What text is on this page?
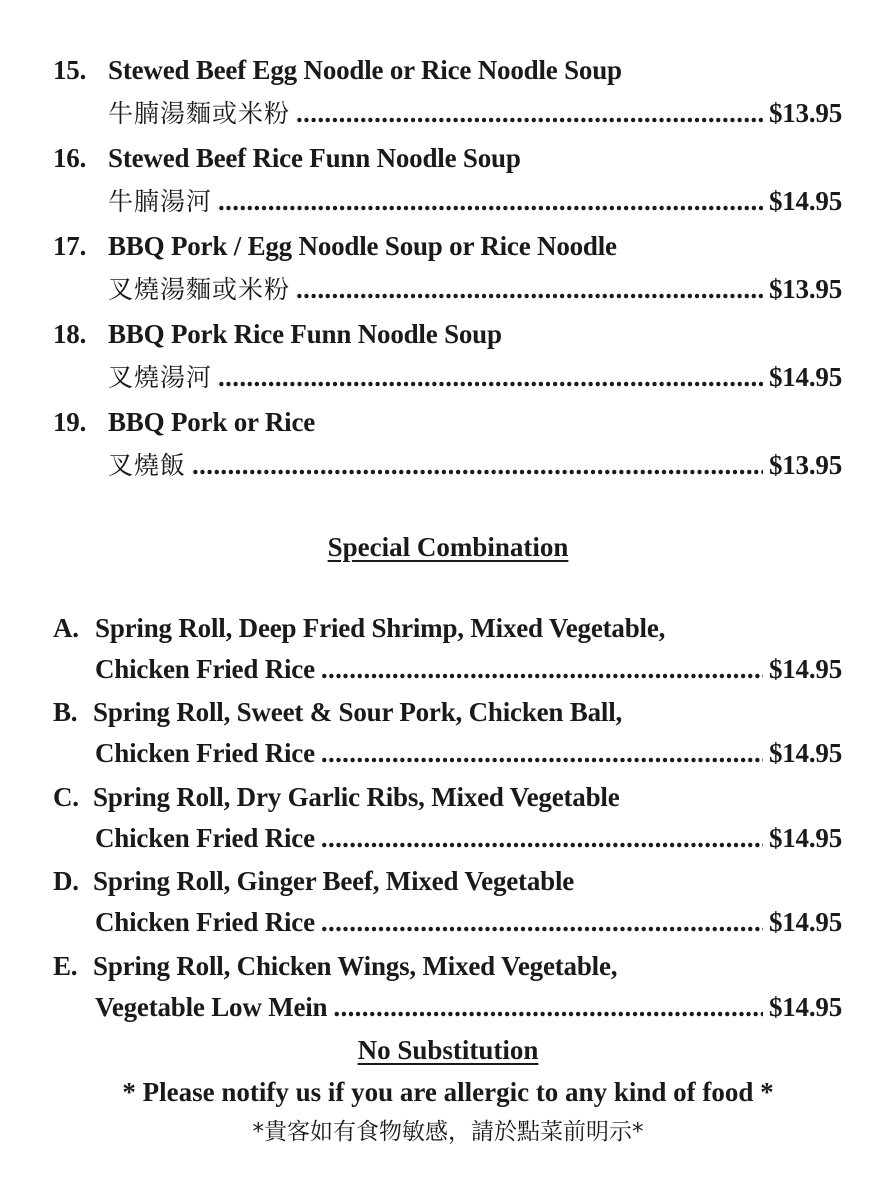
15. Stewed Beef Egg Noodle or Rice Noodle Soup
牛腩湯麵或米粉 . . .	$13.95
16. Stewed Beef Rice Funn Noodle Soup
牛腩湯河 . . .	$14.95
17. BBQ Pork / Egg Noodle Soup or Rice Noodle
叉燒湯麵或米粉 . . .	$13.95
18. BBQ Pork Rice Funn Noodle Soup
叉燒湯河 . . .	$14.95
19. BBQ Pork or Rice
叉燒飯 . . .	$13.95
Special Combination
A. Spring Roll, Deep Fried Shrimp, Mixed Vegetable,
Chicken Fried Rice . . .	$14.95
B. Spring Roll, Sweet & Sour Pork, Chicken Ball,
Chicken Fried Rice . . .	$14.95
C. Spring Roll, Dry Garlic Ribs, Mixed Vegetable
Chicken Fried Rice . . .	$14.95
D. Spring Roll, Ginger Beef, Mixed Vegetable
Chicken Fried Rice . . .	$14.95
E. Spring Roll, Chicken Wings, Mixed Vegetable,
Vegetable Low Mein . . .	$14.95
No Substitution
* Please notify us if you are allergic to any kind of food *
*貴客如有食物敏感，請於點菜前明示*
